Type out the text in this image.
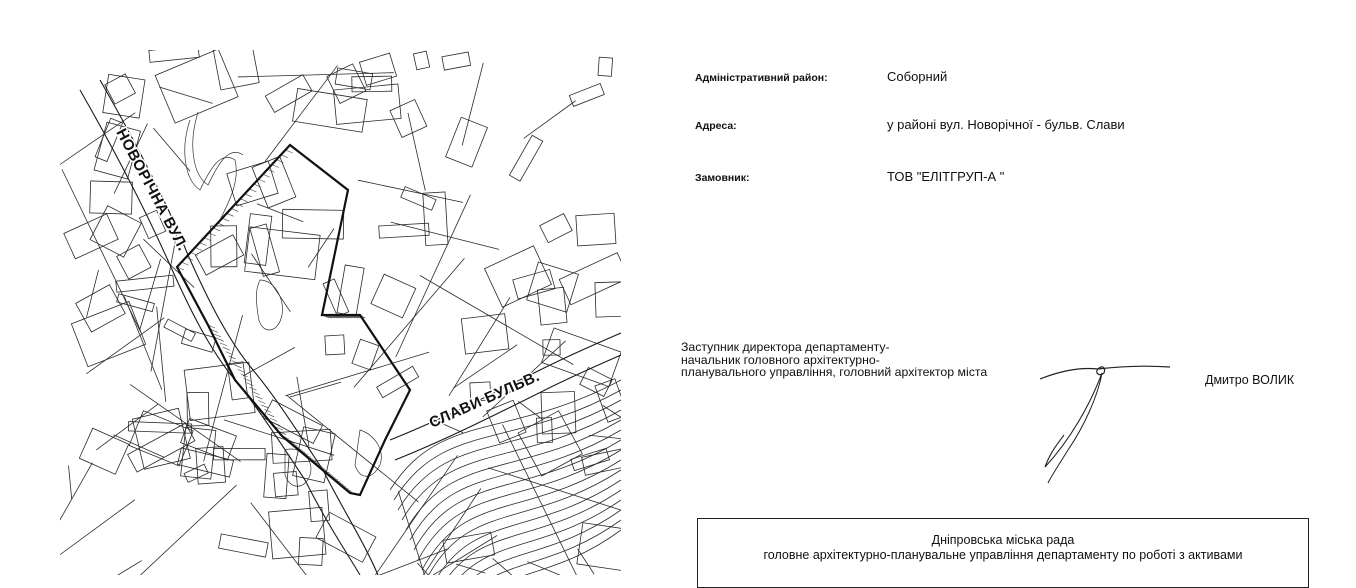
НОВОРІЧНА ВУЛ.
СЛАВИ БУЛЬВ.
Адміністративний район:	Соборний
Адреса:	у районі вул. Новорічної - бульв. Слави
Замовник:	ТОВ "ЕЛІТГРУП-А "
Заступник директора департаменту-
начальник головного архітектурно-
планувального управління, головний архітектор міста
Дмитро ВОЛИК
Дніпровська міська рада
головне архітектурно-планувальне управління департаменту по роботі з активами
